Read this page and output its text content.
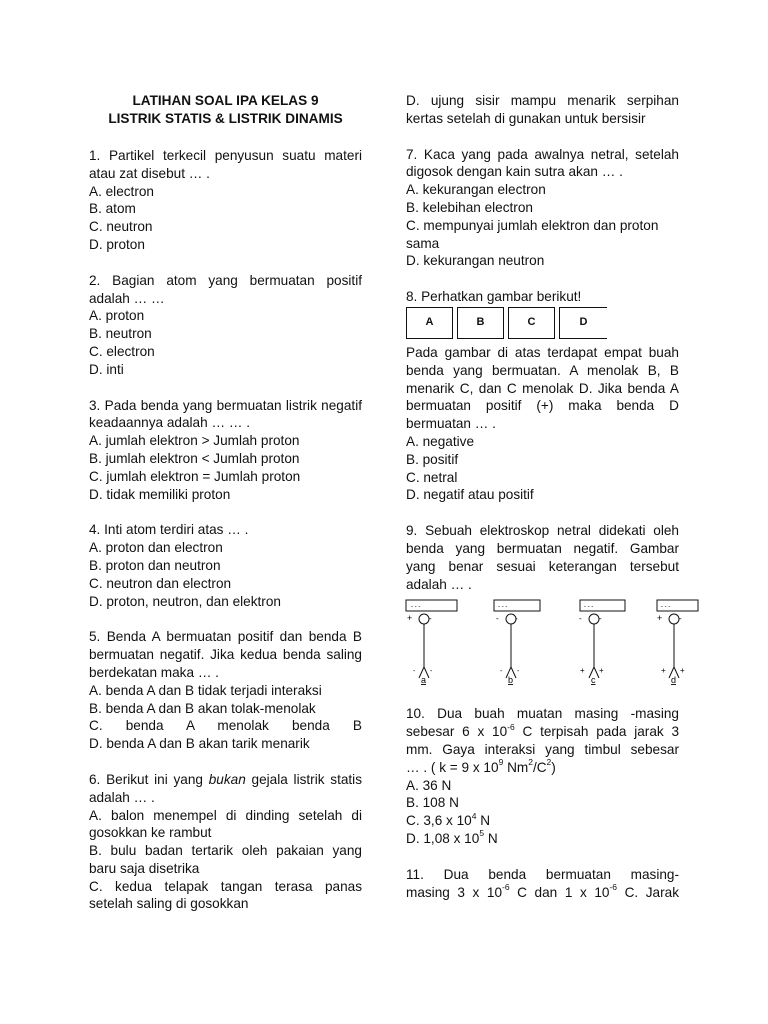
LATIHAN SOAL IPA KELAS 9
LISTRIK STATIS & LISTRIK DINAMIS
1. Partikel terkecil penyusun suatu materi atau zat disebut … .
A. electron
B. atom
C. neutron
D. proton
2. Bagian atom yang bermuatan positif adalah … …
A. proton
B. neutron
C. electron
D. inti
3. Pada benda yang bermuatan listrik negatif keadaannya adalah … … .
A. jumlah elektron > Jumlah proton
B. jumlah elektron < Jumlah proton
C. jumlah elektron = Jumlah proton
D. tidak memiliki proton
4. Inti atom terdiri atas … .
A. proton dan electron
B. proton dan neutron
C. neutron dan electron
D. proton, neutron, dan elektron
5. Benda A bermuatan positif dan benda B bermuatan negatif. Jika kedua benda saling berdekatan maka … .
A. benda A dan B tidak terjadi interaksi
B. benda A dan B akan tolak-menolak
C. benda A menolak benda B
D. benda A dan B akan tarik menarik
6. Berikut ini yang bukan gejala listrik statis adalah … .
A. balon menempel di dinding setelah di gosokkan ke rambut
B. bulu badan tertarik oleh pakaian yang baru saja disetrika
C. kedua telapak tangan terasa panas setelah saling di gosokkan
D. ujung sisir mampu menarik serpihan kertas setelah di gunakan untuk bersisir
7. Kaca yang pada awalnya netral, setelah digosok dengan kain sutra akan … .
A. kekurangan electron
B. kelebihan electron
C. mempunyai jumlah elektron dan proton sama
D. kekurangan neutron
8. Perhatkan gambar berikut!
A	B	C	D
Pada gambar di atas terdapat empat buah benda yang bermuatan. A menolak B, B menarik C, dan C menolak D. Jika benda A bermuatan positif (+) maka benda D bermuatan … .
A. negative
B. positif
C. netral
D. negatif atau positif
9. Sebuah elektroskop netral didekati oleh benda yang bermuatan negatif. Gambar yang benar sesuai keterangan tersebut adalah … .
- - -
+ -
- -
a
- - -
- -
- -
b
- - -
- -
+ +
c
- - -
+ -
+ +
d
10. Dua buah muatan masing -masing
sebesar 6 x $10^{-6}$ C terpisah pada jarak 3
mm. Gaya interaksi yang timbul sebesar
… . ( k = 9 x $10^9$ $Nm^2/C^2$)
A. 36 N
B. 108 N
C. 3,6 x $10^4$ N
D. 1,08 x $10^5$ N
11. Dua benda bermuatan masing-
masing 3 x $10^{-6}$ C dan 1 x $10^{-6}$ C. Jarak
